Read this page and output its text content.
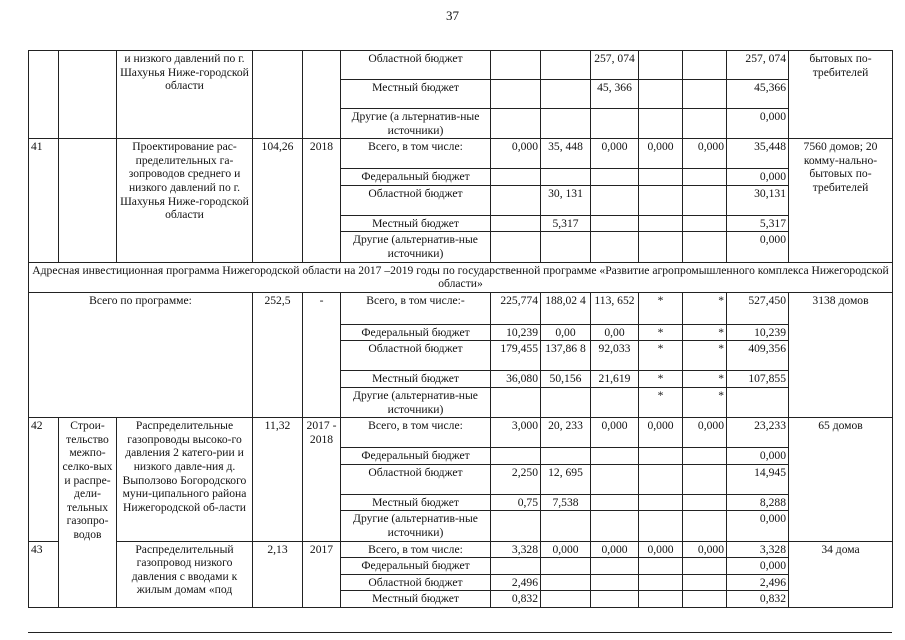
37
		и низкого давлений по г. Шахунья Ниже-городской области			Областной бюджет			257, 074			257, 074	бытовых по-требителей
					Местный бюджет			45, 366			45,366	
					Другие (а льтернатив-ные источники)						0,000	
41		Проектирование рас-пределительных га-зопроводов среднего и низкого давлений по г. Шахунья Ниже-городской области	104,26	2018	Всего, в том числе:	0,000	35, 448	0,000	0,000	0,000	35,448	7560 домов; 20 комму-нально-бытовых по-требителей
					Федеральный бюджет						0,000	
					Областной бюджет		30, 131				30,131	
					Местный бюджет		5,317				5,317	
					Другие (альтернатив-ные источники)						0,000	
Адресная инвестиционная программа Нижегородской области на 2017 –2019 годы по государственной программе «Развитие агропромышленного комплекса Нижегородской области»												
Всего по программе:			252,5	-	Всего, в том числе:-	225,774	188,02 4	113, 652	*	*	527,450	3138 домов
					Федеральный бюджет	10,239	0,00	0,00	*	*	10,239	
					Областной бюджет	179,455	137,86 8	92,033	*	*	409,356	
					Местный бюджет	36,080	50,156	21,619	*	*	107,855	
					Другие (альтернатив-ные источники)				*	*		
42	Строи-тельство межпо-селко-вых и распре-дели-тельных газопро-водов	Распределительные газопроводы высоко-го давления 2 катего-рии и низкого давле-ния д. Выползово Богородского муни-ципального района Нижегородской об-ласти	11,32	2017 - 2018	Всего, в том числе:	3,000	20, 233	0,000	0,000	0,000	23,233	65 домов
					Федеральный бюджет						0,000	
					Областной бюджет	2,250	12, 695				14,945	
					Местный бюджет	0,75	7,538				8,288	
					Другие (альтернатив-ные источники)						0,000	
43		Распределительный газопровод низкого давления с вводами к жилым домам «под	2,13	2017	Всего, в том числе:	3,328	0,000	0,000	0,000	0,000	3,328	34 дома
					Федеральный бюджет						0,000	
					Областной бюджет	2,496					2,496	
					Местный бюджет	0,832					0,832	
